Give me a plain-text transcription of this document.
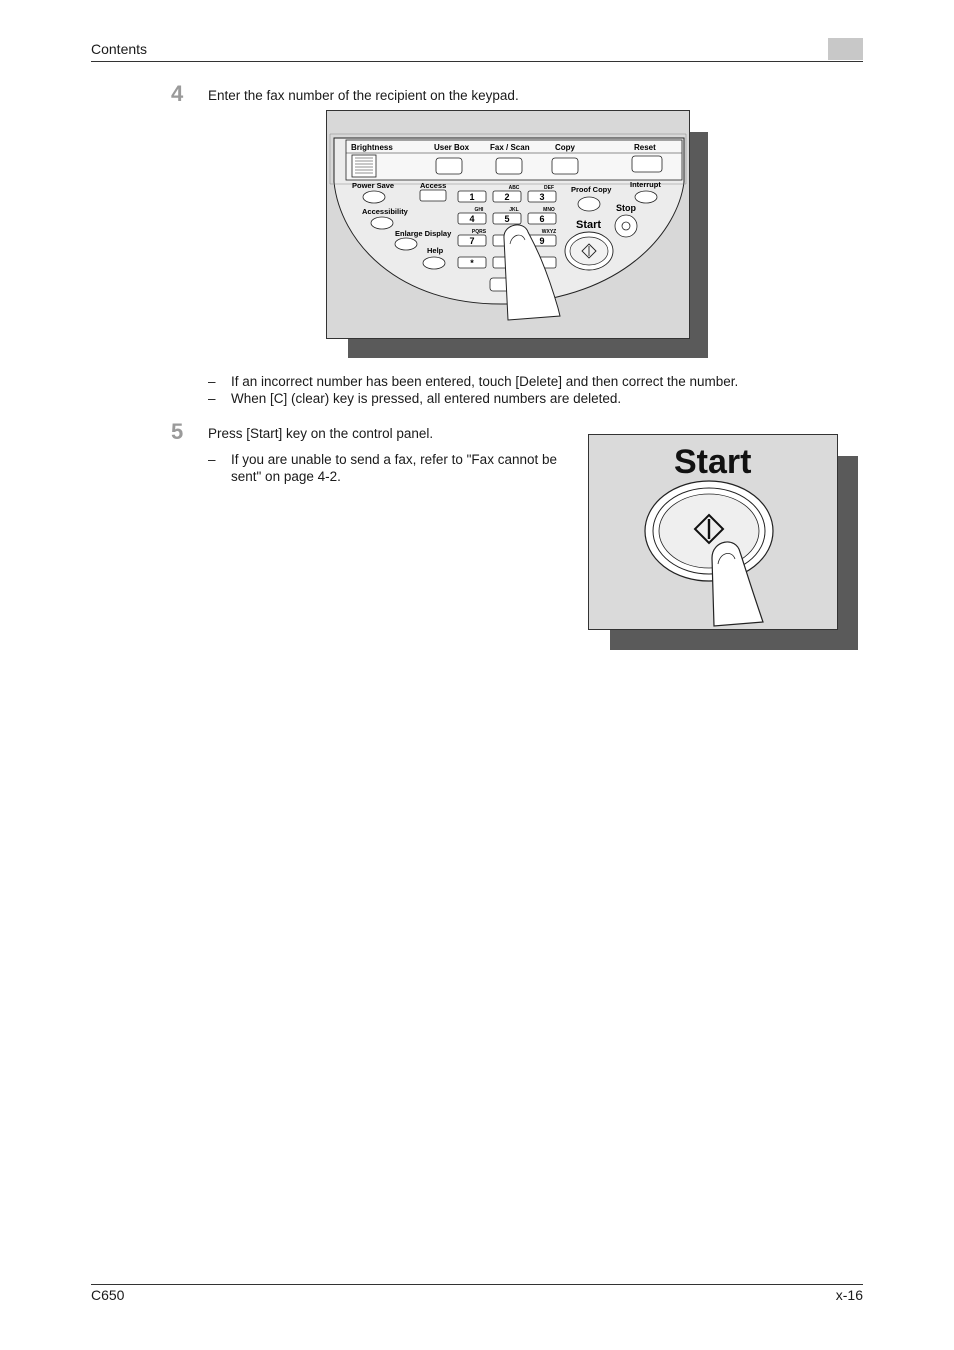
Contents
4 Enter the fax number of the recipient on the keypad.
Brightness	User Box	Fax / Scan	Copy	Reset
Power Save
Accessibility
Enlarge Display
Help
Access
1	2	3
4	5	6
7	9
*
ABC	DEF
GHI	JKL	MNO
PQRS	WXYZ
Proof Copy
Interrupt
Stop
Start
– If an incorrect number has been entered, touch [Delete] and then correct the number.
– When [C] (clear) key is pressed, all entered numbers are deleted.
5 Press [Start] key on the control panel.
– If you are unable to send a fax, refer to "Fax cannot be sent" on page 4-2.	Start
C650	x-16
